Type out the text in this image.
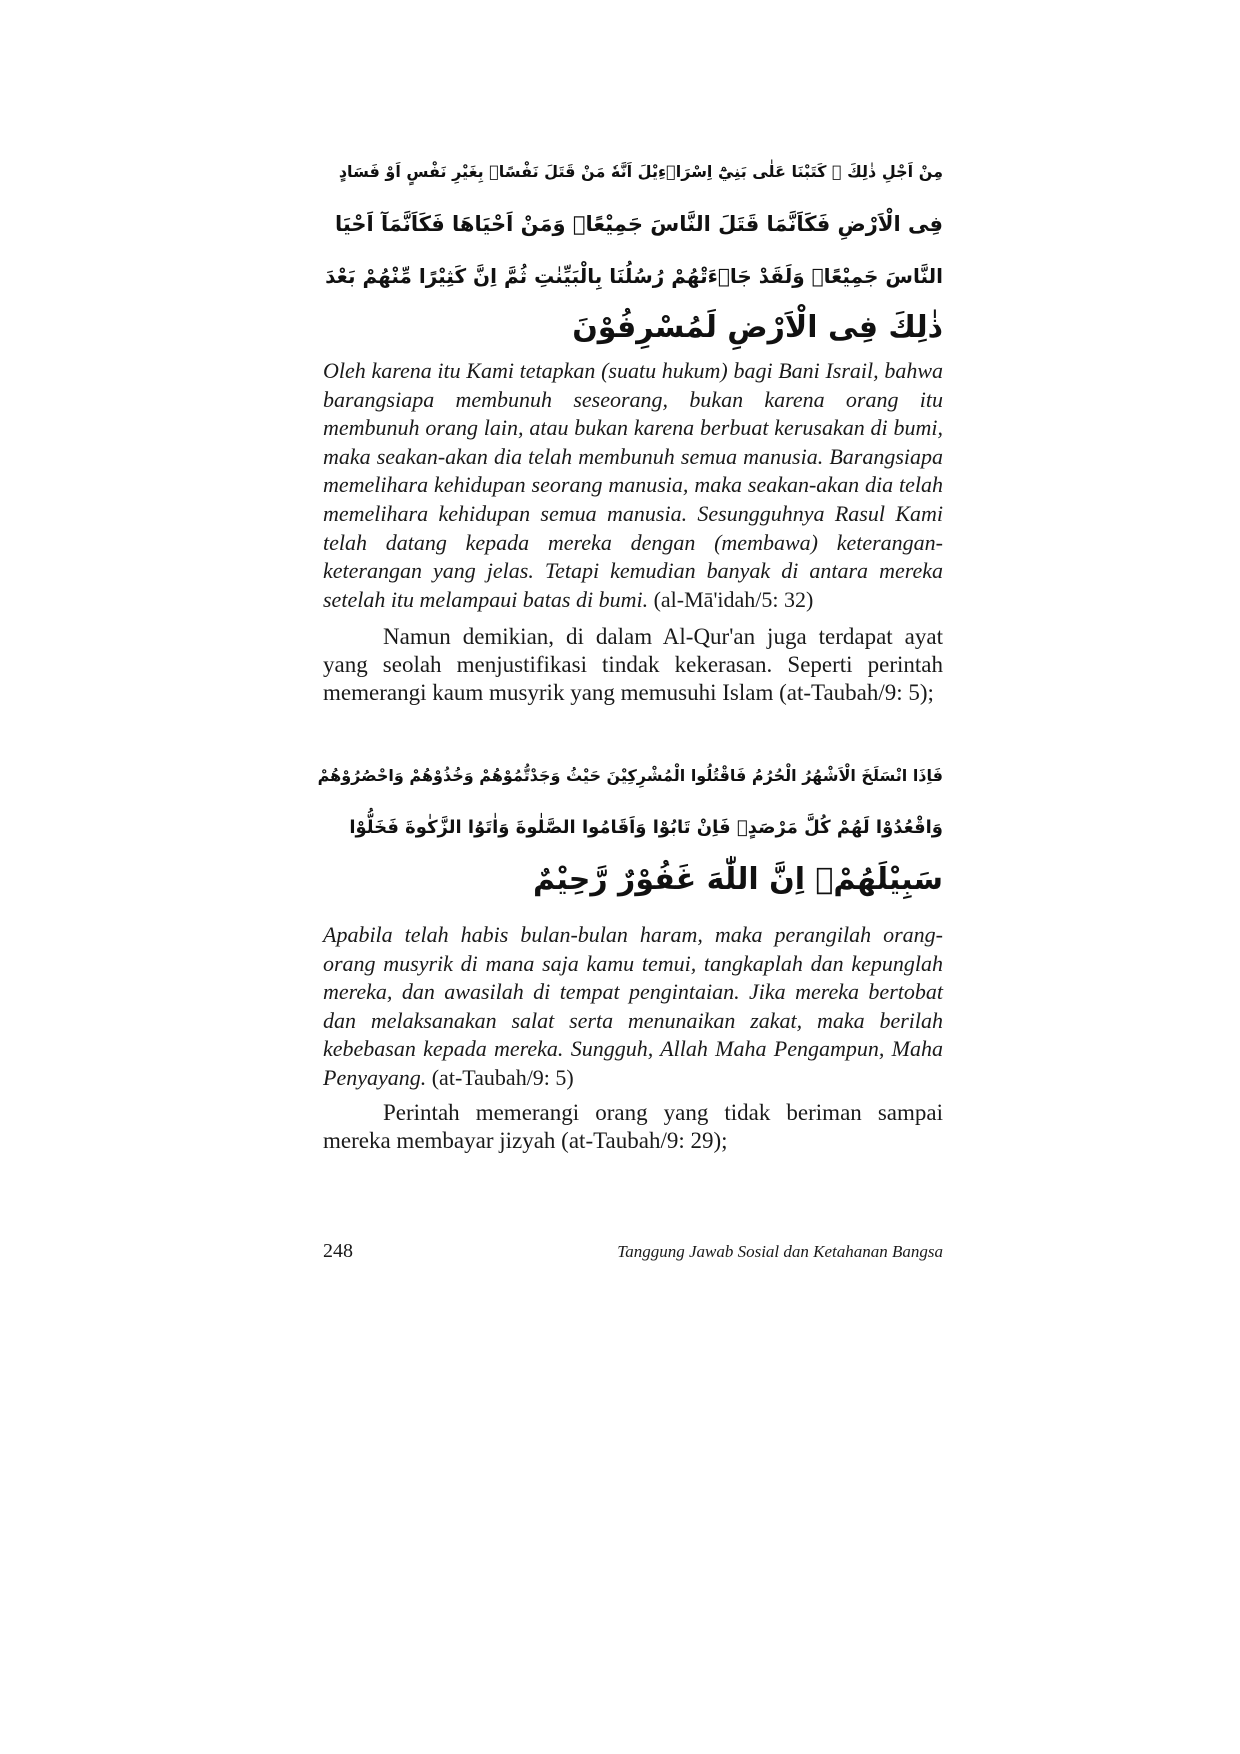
مِنْ اَجْلِ ذٰلِكَ ۛ كَتَبْنَا عَلٰى بَنِيْٓ اِسْرَاۤءِيْلَ اَنَّهٗ مَنْ قَتَلَ نَفْسًاۢ بِغَيْرِ نَفْسٍ اَوْ فَسَادٍ
فِى الْاَرْضِ فَكَاَنَّمَا قَتَلَ النَّاسَ جَمِيْعًاۗ وَمَنْ اَحْيَاهَا فَكَاَنَّمَآ اَحْيَا
النَّاسَ جَمِيْعًاۗ وَلَقَدْ جَاۤءَتْهُمْ رُسُلُنَا بِالْبَيِّنٰتِ ثُمَّ اِنَّ كَثِيْرًا مِّنْهُمْ بَعْدَ
ذٰلِكَ فِى الْاَرْضِ لَمُسْرِفُوْنَ

Oleh karena itu Kami tetapkan (suatu hukum) bagi Bani Israil, bahwa barangsiapa membunuh seseorang, bukan karena orang itu membunuh orang lain, atau bukan karena berbuat kerusakan di bumi, maka seakan-akan dia telah membunuh semua manusia. Barangsiapa memelihara kehidupan seorang manusia, maka seakan-akan dia telah memelihara kehidupan semua manusia. Sesungguhnya Rasul Kami telah datang kepada mereka dengan (membawa) keterangan-keterangan yang jelas. Tetapi kemudian banyak di antara mereka setelah itu melampaui batas di bumi. (al-Mā'idah/5: 32)

Namun demikian, di dalam Al-Qur'an juga terdapat ayat yang seolah menjustifikasi tindak kekerasan. Seperti perintah memerangi kaum musyrik yang memusuhi Islam (at-Taubah/9: 5);

فَاِذَا انْسَلَخَ الْاَشْهُرُ الْحُرُمُ فَاقْتُلُوا الْمُشْرِكِيْنَ حَيْثُ وَجَدْتُّمُوْهُمْ وَخُذُوْهُمْ وَاحْصُرُوْهُمْ
وَاقْعُدُوْا لَهُمْ كُلَّ مَرْصَدٍۚ فَاِنْ تَابُوْا وَاَقَامُوا الصَّلٰوةَ وَاٰتَوُا الزَّكٰوةَ فَخَلُّوْا
سَبِيْلَهُمْۗ اِنَّ اللّٰهَ غَفُوْرٌ رَّحِيْمٌ

Apabila telah habis bulan-bulan haram, maka perangilah orang-orang musyrik di mana saja kamu temui, tangkaplah dan kepunglah mereka, dan awasilah di tempat pengintaian. Jika mereka bertobat dan melaksanakan salat serta menunaikan zakat, maka berilah kebebasan kepada mereka. Sungguh, Allah Maha Pengampun, Maha Penyayang. (at-Taubah/9: 5)

Perintah memerangi orang yang tidak beriman sampai mereka membayar jizyah (at-Taubah/9: 29);

248	Tanggung Jawab Sosial dan Ketahanan Bangsa
